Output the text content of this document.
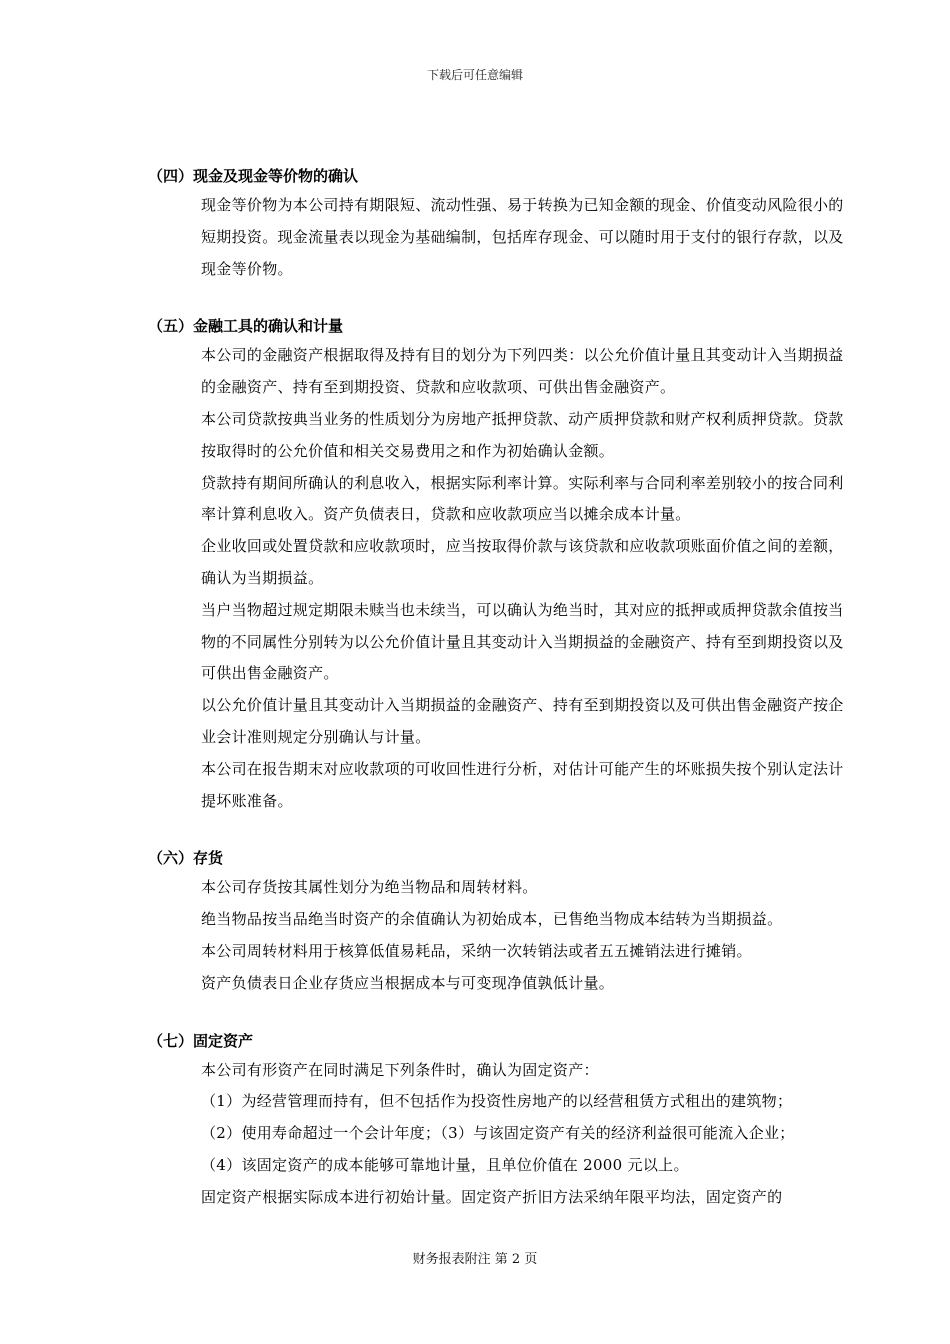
下载后可任意编辑
（四）现金及现金等价物的确认
现金等价物为本公司持有期限短、流动性强、易于转换为已知金额的现金、价值变动风险很小的短期投资。现金流量表以现金为基础编制，包括库存现金、可以随时用于支付的银行存款，以及现金等价物。
（五）金融工具的确认和计量
本公司的金融资产根据取得及持有目的划分为下列四类：以公允价值计量且其变动计入当期损益的金融资产、持有至到期投资、贷款和应收款项、可供出售金融资产。
本公司贷款按典当业务的性质划分为房地产抵押贷款、动产质押贷款和财产权利质押贷款。贷款按取得时的公允价值和相关交易费用之和作为初始确认金额。
贷款持有期间所确认的利息收入，根据实际利率计算。实际利率与合同利率差别较小的按合同利率计算利息收入。资产负债表日，贷款和应收款项应当以摊余成本计量。
企业收回或处置贷款和应收款项时，应当按取得价款与该贷款和应收款项账面价值之间的差额，确认为当期损益。
当户当物超过规定期限未赎当也未续当，可以确认为绝当时，其对应的抵押或质押贷款余值按当物的不同属性分别转为以公允价值计量且其变动计入当期损益的金融资产、持有至到期投资以及可供出售金融资产。
以公允价值计量且其变动计入当期损益的金融资产、持有至到期投资以及可供出售金融资产按企业会计准则规定分别确认与计量。
本公司在报告期末对应收款项的可收回性进行分析，对估计可能产生的坏账损失按个别认定法计提坏账准备。
（六）存货
本公司存货按其属性划分为绝当物品和周转材料。
绝当物品按当品绝当时资产的余值确认为初始成本，已售绝当物成本结转为当期损益。
本公司周转材料用于核算低值易耗品，采纳一次转销法或者五五摊销法进行摊销。
资产负债表日企业存货应当根据成本与可变现净值孰低计量。
（七）固定资产
本公司有形资产在同时满足下列条件时，确认为固定资产：
（1）为经营管理而持有，但不包括作为投资性房地产的以经营租赁方式租出的建筑物；
（2）使用寿命超过一个会计年度；（3）与该固定资产有关的经济利益很可能流入企业；
（4）该固定资产的成本能够可靠地计量，且单位价值在 2000 元以上。
固定资产根据实际成本进行初始计量。固定资产折旧方法采纳年限平均法，固定资产的
财务报表附注 第 2 页
